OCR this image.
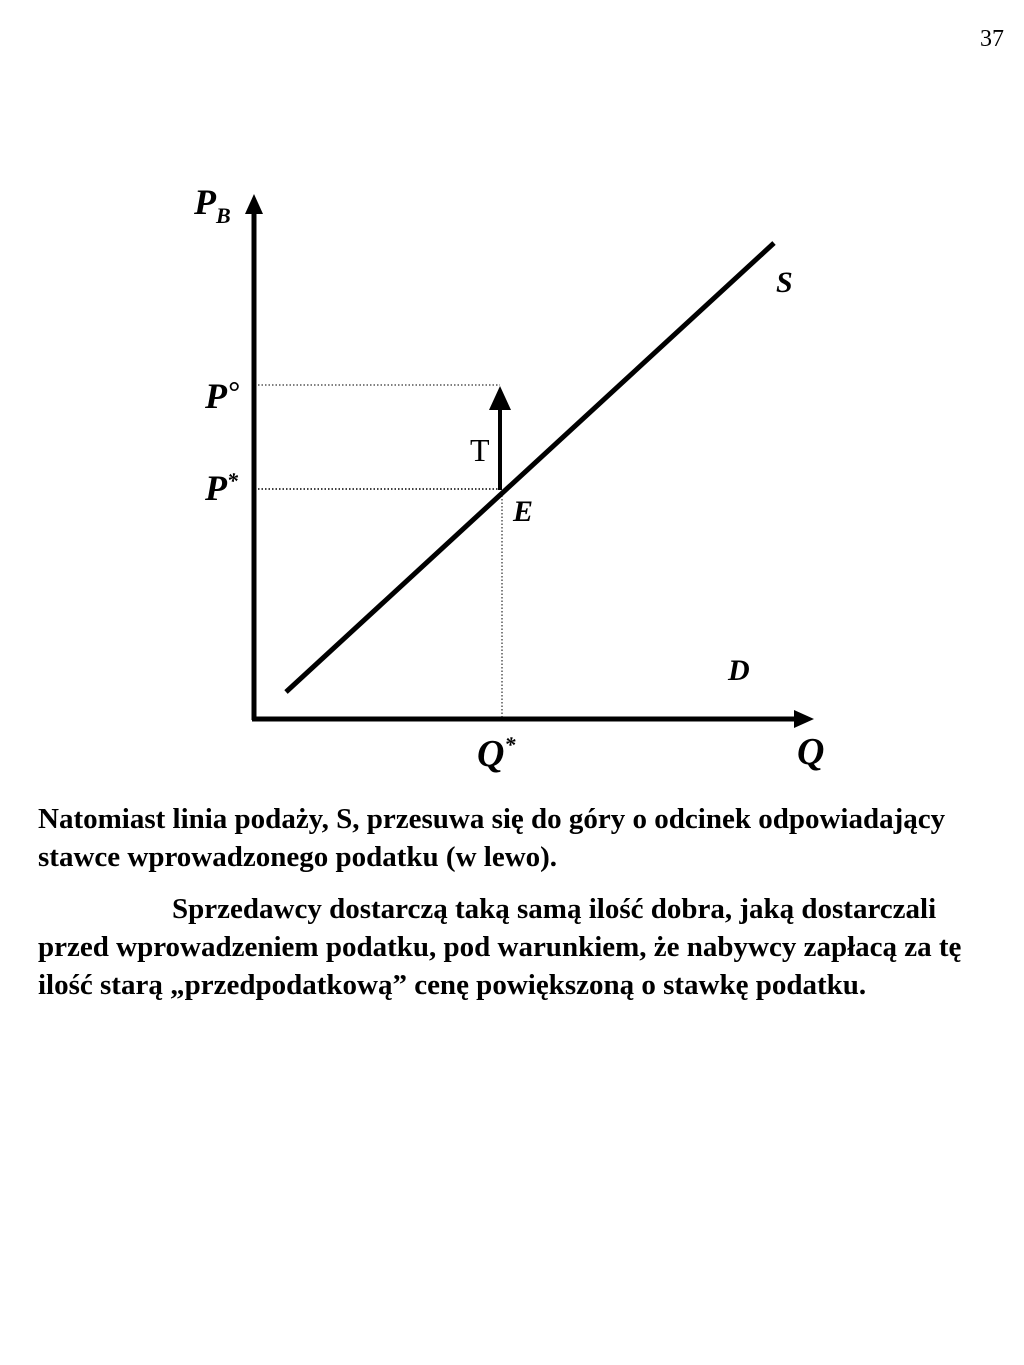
37
$P_B$
Q
S
D
E
T
P°
P*
Q*

Natomiast linia podaży, S, przesuwa się do góry o odcinek odpowiadający stawce wprowadzonego podatku (w lewo).

Sprzedawcy dostarczą taką samą ilość dobra, jaką dostarczali przed wprowadzeniem podatku, pod warunkiem, że nabywcy zapłacą za tę ilość starą „przedpodatkową” cenę powiększoną o stawkę podatku.
